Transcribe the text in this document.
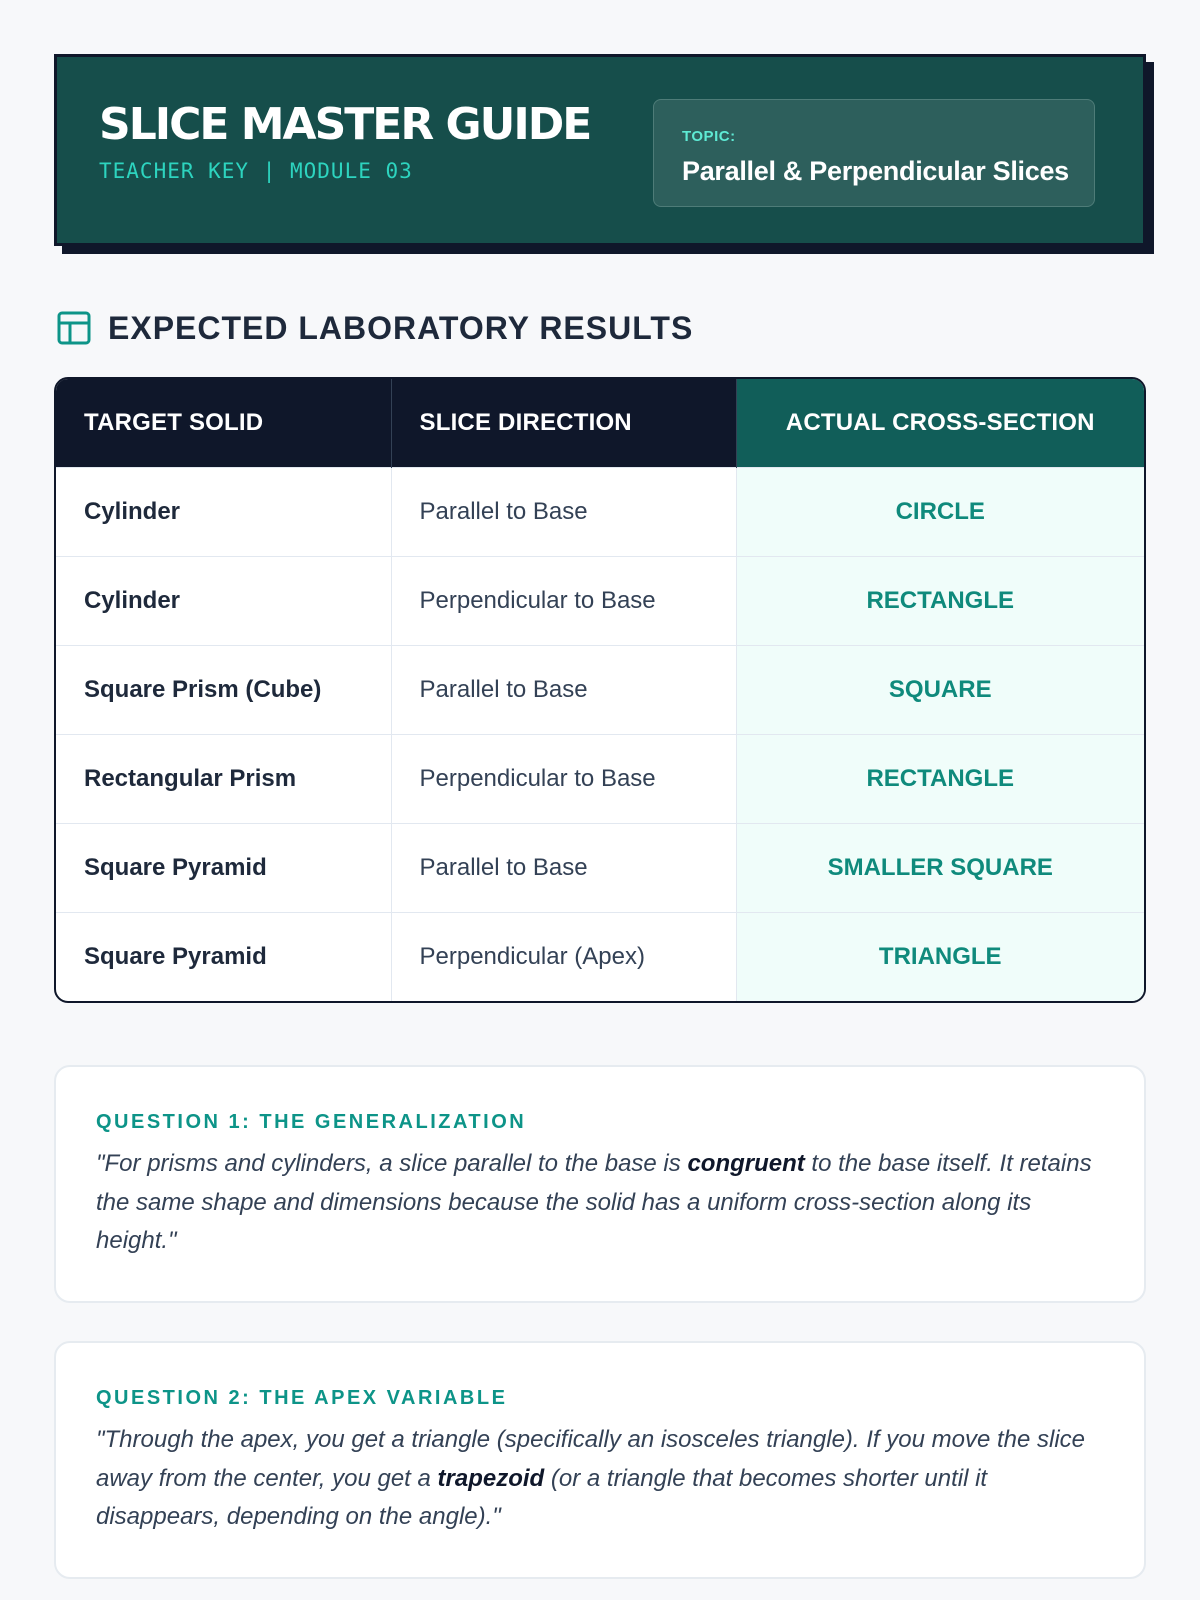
SLICE MASTER GUIDE
TEACHER KEY | MODULE 03
TOPIC:
Parallel & Perpendicular Slices
EXPECTED LABORATORY RESULTS
TARGET SOLID	SLICE DIRECTION	ACTUAL CROSS-SECTION
Cylinder	Parallel to Base	CIRCLE
Cylinder	Perpendicular to Base	RECTANGLE
Square Prism (Cube)	Parallel to Base	SQUARE
Rectangular Prism	Perpendicular to Base	RECTANGLE
Square Pyramid	Parallel to Base	SMALLER SQUARE
Square Pyramid	Perpendicular (Apex)	TRIANGLE
QUESTION 1: THE GENERALIZATION
"For prisms and cylinders, a slice parallel to the base is congruent to the base itself. It retains the same shape and dimensions because the solid has a uniform cross-section along its height."
QUESTION 2: THE APEX VARIABLE
"Through the apex, you get a triangle (specifically an isosceles triangle). If you move the slice away from the center, you get a trapezoid (or a triangle that becomes shorter until it disappears, depending on the angle)."
